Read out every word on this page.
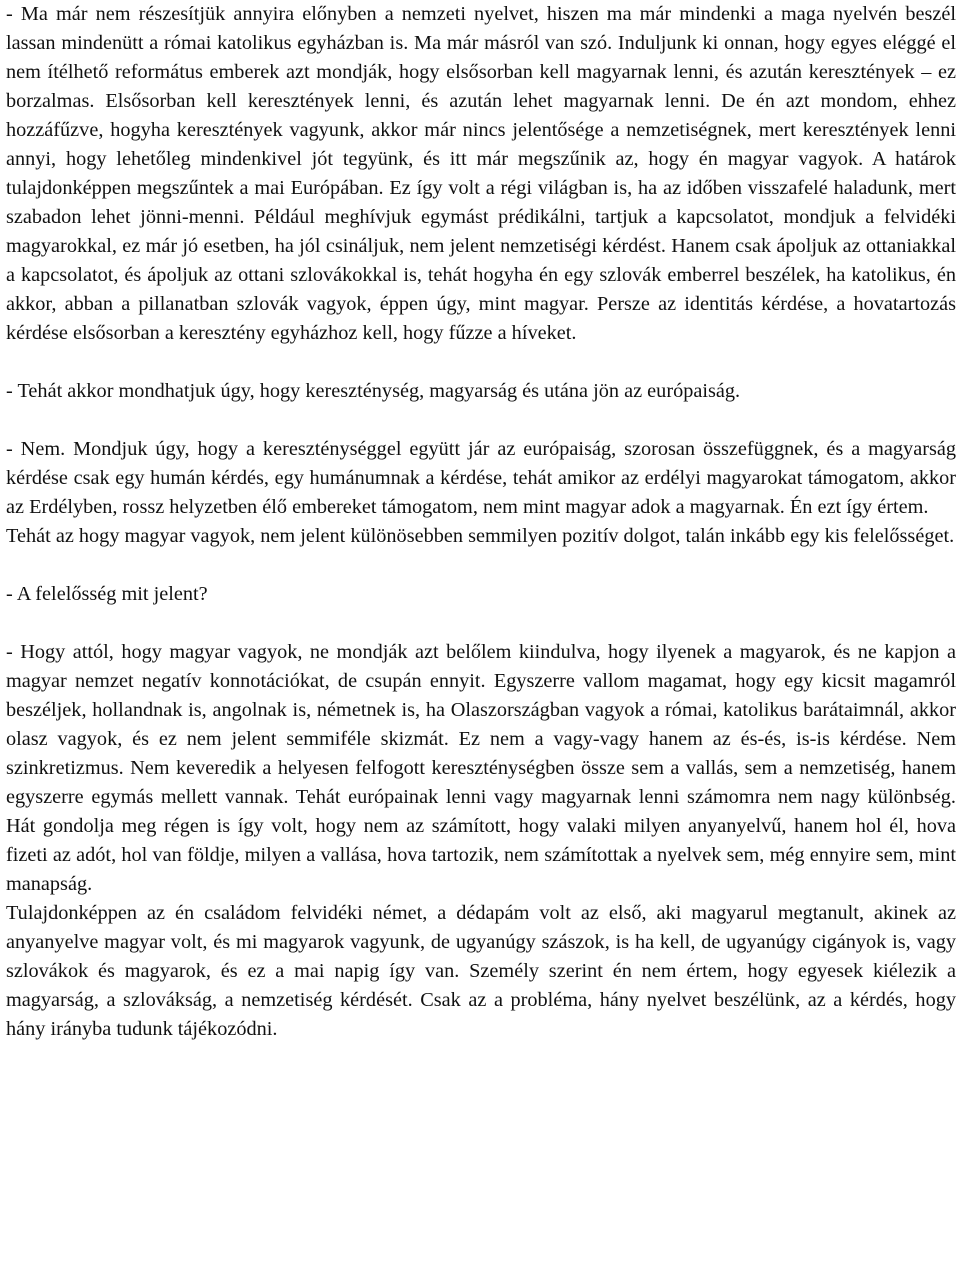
- Ma már nem részesítjük annyira előnyben a nemzeti nyelvet, hiszen ma már mindenki a maga nyelvén beszél lassan mindenütt a római katolikus egyházban is. Ma már másról van szó. Induljunk ki onnan, hogy egyes eléggé el nem ítélhető református emberek azt mondják, hogy elsősorban kell magyarnak lenni, és azután keresztények – ez borzalmas. Elsősorban kell keresztények lenni, és azután lehet magyarnak lenni. De én azt mondom, ehhez hozzáfűzve, hogyha keresztények vagyunk, akkor már nincs jelentősége a nemzetiségnek, mert keresztények lenni annyi, hogy lehetőleg mindenkivel jót tegyünk, és itt már megszűnik az, hogy én magyar vagyok. A határok tulajdonképpen megszűntek a mai Európában. Ez így volt a régi világban is, ha az időben visszafelé haladunk, mert szabadon lehet jönni-menni. Például meghívjuk egymást prédikálni, tartjuk a kapcsolatot, mondjuk a felvidéki magyarokkal, ez már jó esetben, ha jól csináljuk, nem jelent nemzetiségi kérdést. Hanem csak ápoljuk az ottaniakkal a kapcsolatot, és ápoljuk az ottani szlovákokkal is, tehát hogyha én egy szlovák emberrel beszélek, ha katolikus, én akkor, abban a pillanatban szlovák vagyok, éppen úgy, mint magyar. Persze az identitás kérdése, a hovatartozás kérdése elsősorban a keresztény egyházhoz kell, hogy fűzze a híveket.

- Tehát akkor mondhatjuk úgy, hogy kereszténység, magyarság és utána jön az európaiság.

- Nem. Mondjuk úgy, hogy a kereszténységgel együtt jár az európaiság, szorosan összefüggnek, és a magyarság kérdése csak egy humán kérdés, egy humánumnak a kérdése, tehát amikor az erdélyi magyarokat támogatom, akkor az Erdélyben, rossz helyzetben élő embereket támogatom, nem mint magyar adok a magyarnak. Én ezt így értem.

Tehát az hogy magyar vagyok, nem jelent különösebben semmilyen pozitív dolgot, talán inkább egy kis felelősséget.

- A felelősség mit jelent?

- Hogy attól, hogy magyar vagyok, ne mondják azt belőlem kiindulva, hogy ilyenek a magyarok, és ne kapjon a magyar nemzet negatív konnotációkat, de csupán ennyit. Egyszerre vallom magamat, hogy egy kicsit magamról beszéljek, hollandnak is, angolnak is, németnek is, ha Olaszországban vagyok a római, katolikus barátaimnál, akkor olasz vagyok, és ez nem jelent semmiféle skizmát. Ez nem a vagy-vagy hanem az és-és, is-is kérdése. Nem szinkretizmus. Nem keveredik a helyesen felfogott kereszténységben össze sem a vallás, sem a nemzetiség, hanem egyszerre egymás mellett vannak. Tehát európainak lenni vagy magyarnak lenni számomra nem nagy különbség. Hát gondolja meg régen is így volt, hogy nem az számított, hogy valaki milyen anyanyelvű, hanem hol él, hova fizeti az adót, hol van földje, milyen a vallása, hova tartozik, nem számítottak a nyelvek sem, még ennyire sem, mint manapság.

Tulajdonképpen az én családom felvidéki német, a dédapám volt az első, aki magyarul megtanult, akinek az anyanyelve magyar volt, és mi magyarok vagyunk, de ugyanúgy szászok, is ha kell, de ugyanúgy cigányok is, vagy szlovákok és magyarok, és ez a mai napig így van. Személy szerint én nem értem, hogy egyesek kiélezik a magyarság, a szlovákság, a nemzetiség kérdését. Csak az a probléma, hány nyelvet beszélünk, az a kérdés, hogy hány irányba tudunk tájékozódni.
